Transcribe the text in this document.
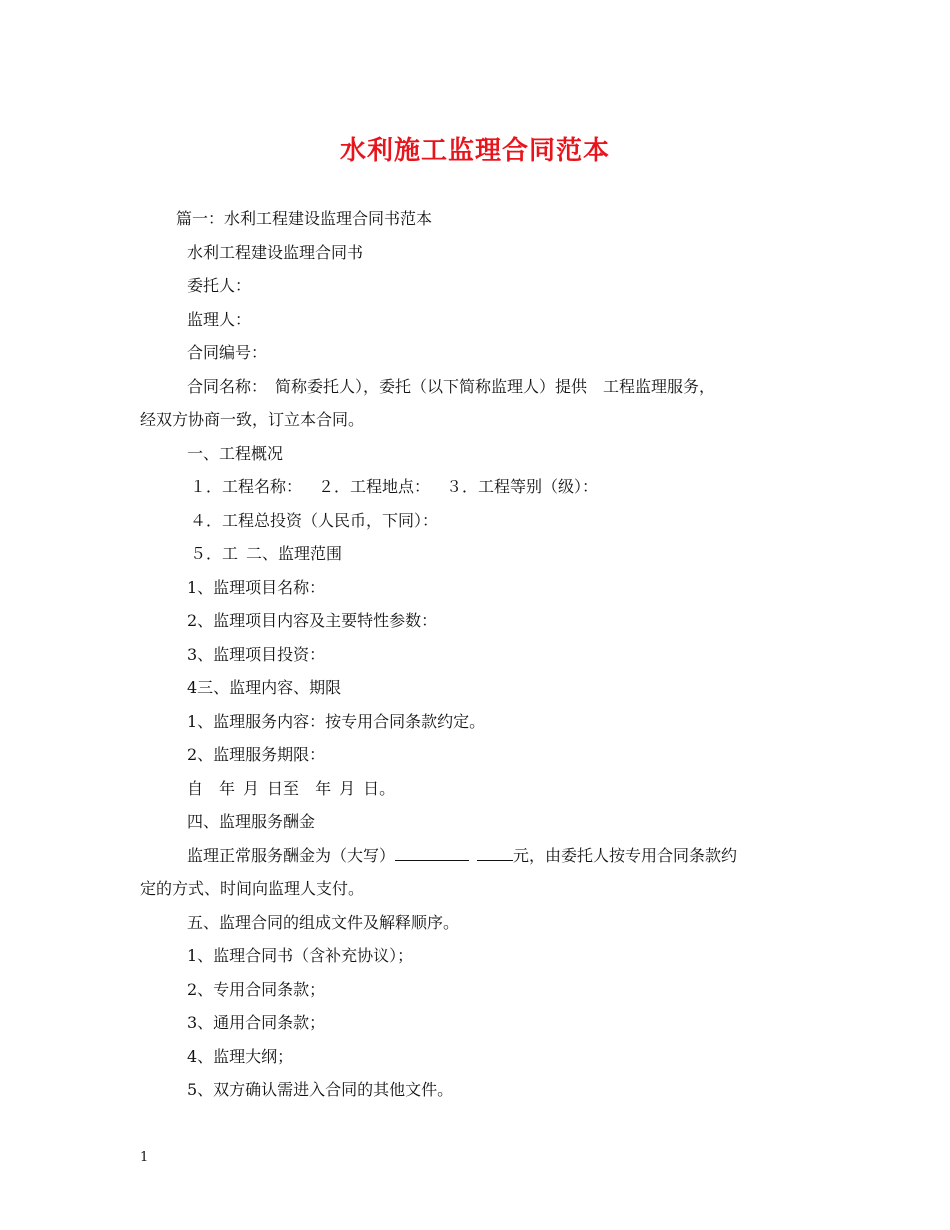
水利施工监理合同范本
篇一：水利工程建设监理合同书范本
水利工程建设监理合同书
委托人：
监理人：
合同编号：
合同名称： 简称委托人），委托（以下简称监理人）提供 工程监理服务，
经双方协商一致，订立本合同。
一、工程概况
１．工程名称： ２．工程地点： ３．工程等别（级）：
４．工程总投资（人民币，下同）：
５．工 二、监理范围
1、监理项目名称：
2、监理项目内容及主要特性参数：
3、监理项目投资：
4三、监理内容、期限
1、监理服务内容：按专用合同条款约定。
2、监理服务期限：
自 年 月 日至 年 月 日。
四、监理服务酬金
监理正常服务酬金为（大写）	元，由委托人按专用合同条款约
定的方式、时间向监理人支付。
五、监理合同的组成文件及解释顺序。
1、监理合同书（含补充协议）；
2、专用合同条款；
3、通用合同条款；
4、监理大纲；
5、双方确认需进入合同的其他文件。
1
